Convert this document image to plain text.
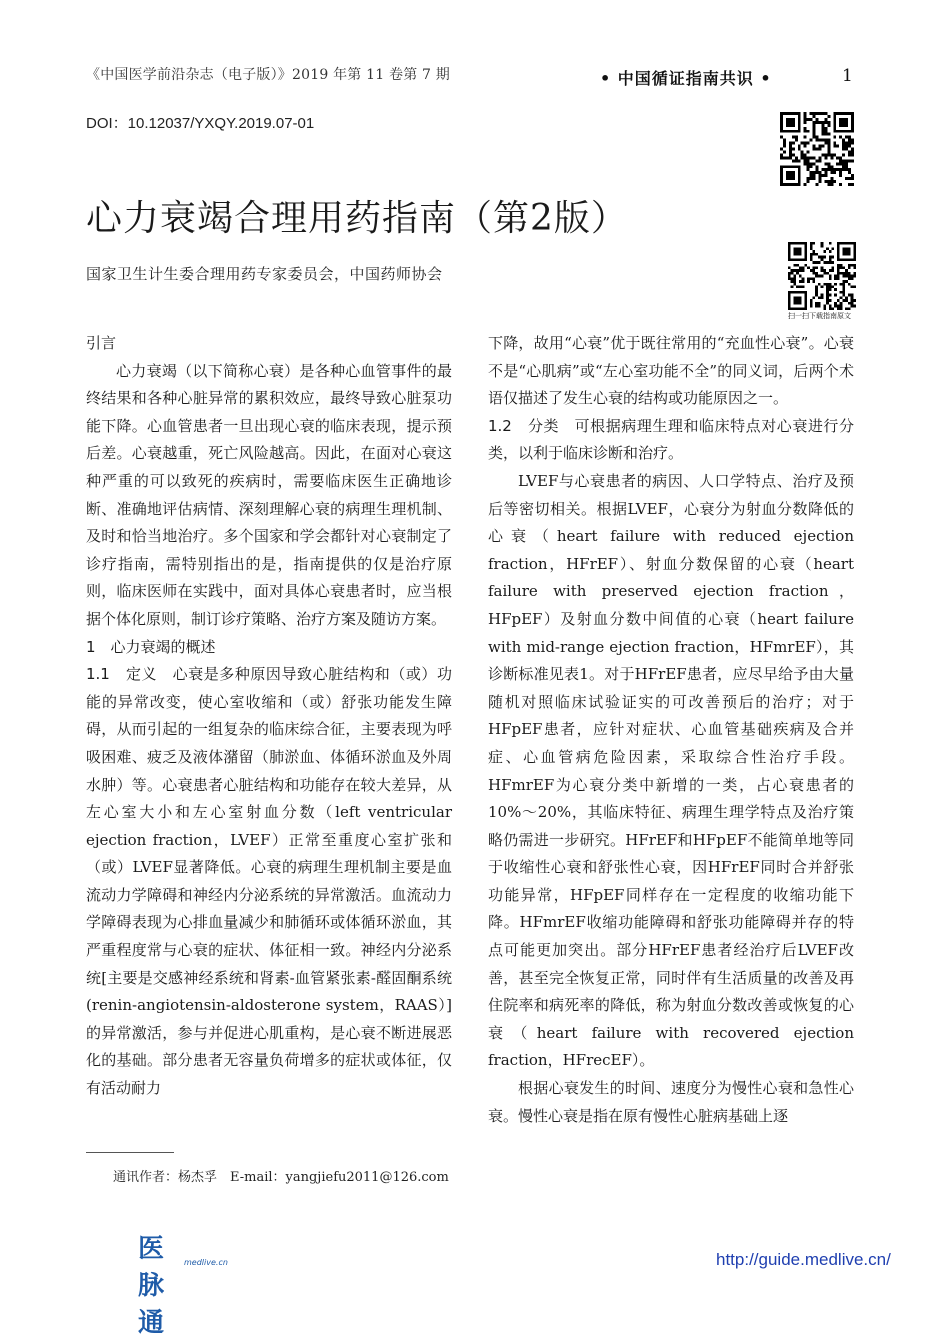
《中国医学前沿杂志（电子版）》2019 年第 11 卷第 7 期	• 中国循证指南共识 •	1
DOI：10.12037/YXQY.2019.07-01
心力衰竭合理用药指南（第2版）
国家卫生计生委合理用药专家委员会，中国药师协会
扫一扫下载指南原文

引言

心力衰竭（以下简称心衰）是各种心血管事件的最终结果和各种心脏异常的累积效应，最终导致心脏泵功能下降。心血管患者一旦出现心衰的临床表现，提示预后差。心衰越重，死亡风险越高。因此，在面对心衰这种严重的可以致死的疾病时，需要临床医生正确地诊断、准确地评估病情、深刻理解心衰的病理生理机制、及时和恰当地治疗。多个国家和学会都针对心衰制定了诊疗指南，需特别指出的是，指南提供的仅是治疗原则，临床医师在实践中，面对具体心衰患者时，应当根据个体化原则，制订诊疗策略、治疗方案及随访方案。

1　心力衰竭的概述

1.1　定义　 心衰是多种原因导致心脏结构和（或）功能的异常改变，使心室收缩和（或）舒张功能发生障碍，从而引起的一组复杂的临床综合征，主要表现为呼吸困难、疲乏及液体潴留（肺淤血、体循环淤血及外周水肿）等。心衰患者心脏结构和功能存在较大差异，从左心室大小和左心室射血分数（left ventricular ejection fraction，LVEF）正常至重度心室扩张和（或）LVEF显著降低。心衰的病理生理机制主要是血流动力学障碍和神经内分泌系统的异常激活。血流动力学障碍表现为心排血量减少和肺循环或体循环淤血，其严重程度常与心衰的症状、体征相一致。神经内分泌系统[主要是交感神经系统和肾素-血管紧张素-醛固酮系统(renin-angiotensin-aldosterone system，RAAS）]的异常激活，参与并促进心肌重构，是心衰不断进展恶化的基础。部分患者无容量负荷增多的症状或体征，仅有活动耐力

下降，故用“心衰”优于既往常用的“充血性心衰”。心衰不是“心肌病”或“左心室功能不全”的同义词，后两个术语仅描述了发生心衰的结构或功能原因之一。

1.2　分类　 可根据病理生理和临床特点对心衰进行分类，以利于临床诊断和治疗。

LVEF与心衰患者的病因、人口学特点、治疗及预后等密切相关。根据LVEF，心衰分为射血分数降低的心衰（heart failure with reduced ejection fraction，HFrEF）、射血分数保留的心衰（heart failure with preserved ejection fraction，HFpEF）及射血分数中间值的心衰（heart failure with mid-range ejection fraction，HFmrEF），其诊断标准见表1。对于HFrEF患者，应尽早给予由大量随机对照临床试验证实的可改善预后的治疗；对于HFpEF患者，应针对症状、心血管基础疾病及合并症、心血管病危险因素，采取综合性治疗手段。HFmrEF为心衰分类中新增的一类，占心衰患者的10%～20%，其临床特征、病理生理学特点及治疗策略仍需进一步研究。HFrEF和HFpEF不能简单地等同于收缩性心衰和舒张性心衰，因HFrEF同时合并舒张功能异常，HFpEF同样存在一定程度的收缩功能下降。HFmrEF收缩功能障碍和舒张功能障碍并存的特点可能更加突出。部分HFrEF患者经治疗后LVEF改善，甚至完全恢复正常，同时伴有生活质量的改善及再住院率和病死率的降低，称为射血分数改善或恢复的心衰（heart failure with recovered ejection fraction，HFrecEF）。

根据心衰发生的时间、速度分为慢性心衰和急性心衰。慢性心衰是指在原有慢性心脏病基础上逐

通讯作者：杨杰孚　E-mail：yangjiefu2011@126.com
医脉通
medlive.cn	http://guide.medlive.cn/
